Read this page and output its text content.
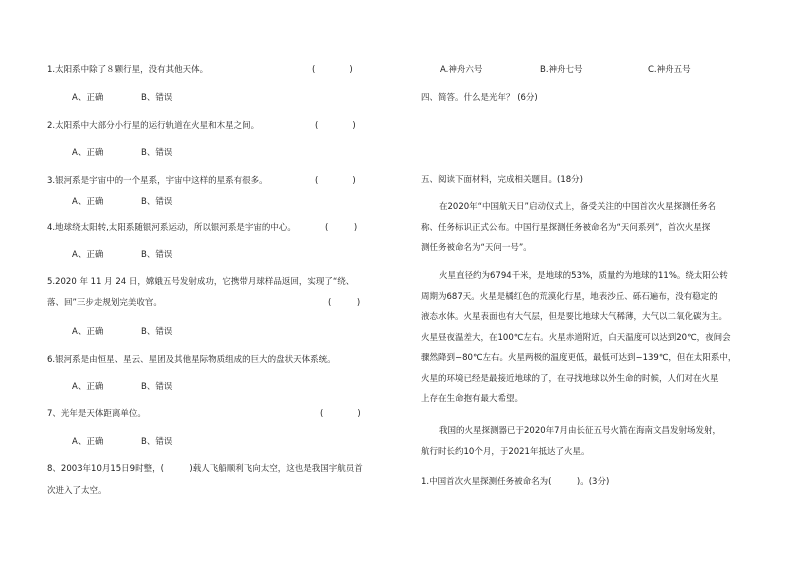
1.太阳系中除了８颗行星，没有其他天体。	(　　　　)
A、正确	B、错误
2.太阳系中大部分小行星的运行轨道在火星和木星之间。	(　　　　)
A、正确	B、错误
3.银河系是宇宙中的一个星系，宇宙中这样的星系有很多。	(　　　　)
A、正确	B、错误
4.地球绕太阳转,太阳系随银河系运动，所以银河系是宇宙的中心。	(　　　)
A、正确	B、错误
5.2020 年 11 月 24 日，嫦娥五号发射成功，它携带月球样品返回，实现了“绕、
落、回”三步走规划完美收官。	(　　　)
A、正确	B、错误
6.银河系是由恒星、星云、星团及其他星际物质组成的巨大的盘状天体系统。
A、正确	B、错误
7、光年是天体距离单位。	(　　　　)
A、正确	B、错误
8、2003年10月15日9时整，(　　　)载人飞船顺利飞向太空，这也是我国宇航员首
次进入了太空。
A.神舟六号	B.神舟七号	C.神舟五号
四、简答。什么是光年？ (6分)
五、阅读下面材料，完成相关题目。(18分)
在2020年“中国航天日”启动仪式上，备受关注的中国首次火星探测任务名
称、任务标识正式公布。中国行星探测任务被命名为“天问系列”，首次火星探
测任务被命名为“天问一号”。
火星直径约为6794千米，是地球的53%，质量约为地球的11%。绕太阳公转
周期为687天。火星是橘红色的荒漠化行星，地表沙丘、砾石遍布，没有稳定的
液态水体。火星表面也有大气层，但是要比地球大气稀薄，大气以二氧化碳为主。
火星昼夜温差大，在100℃左右。火星赤道附近，白天温度可以达到20℃，夜间会
骤然降到−80℃左右。火星两极的温度更低，最低可达到−139℃，但在太阳系中，
火星的环境已经是最接近地球的了，在寻找地球以外生命的时候，人们对在火星
上存在生命抱有最大希望。
我国的火星探测器已于2020年7月由长征五号火箭在海南文昌发射场发射，
航行时长约10个月，于2021年抵达了火星。
1.中国首次火星探测任务被命名为(　　　)。(3分)
